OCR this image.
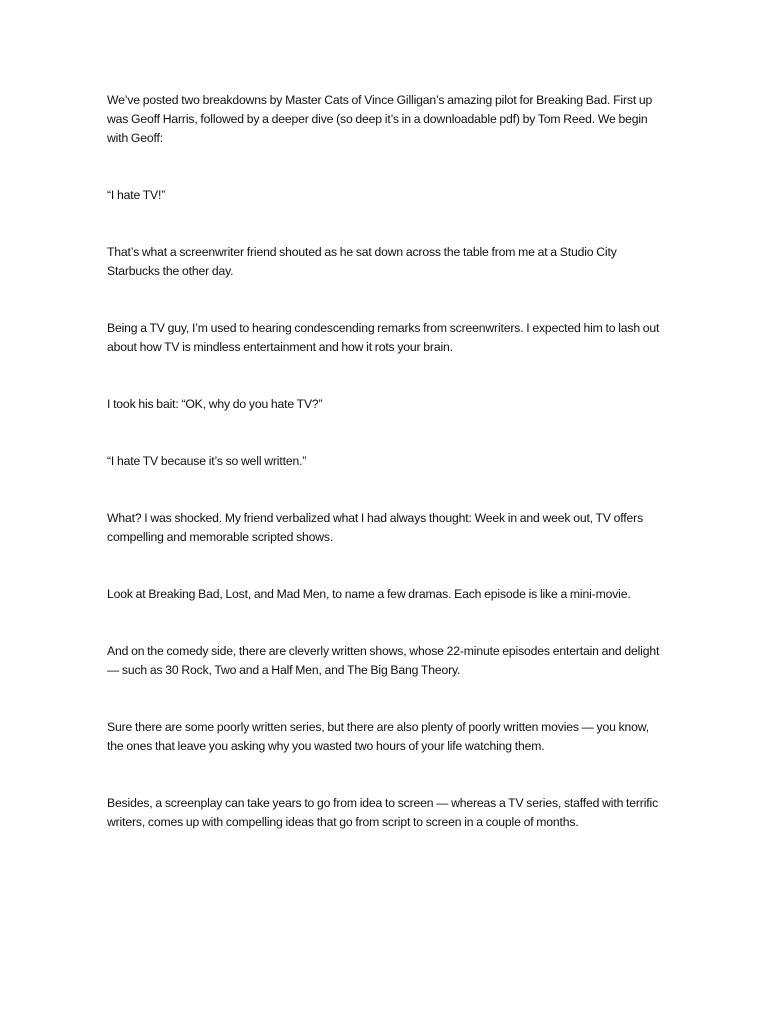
We’ve posted two breakdowns by Master Cats of Vince Gilligan’s amazing pilot for Breaking Bad. First up was Geoff Harris, followed by a deeper dive (so deep it’s in a downloadable pdf) by Tom Reed. We begin with Geoff:

“I hate TV!”

That’s what a screenwriter friend shouted as he sat down across the table from me at a Studio City Starbucks the other day.

Being a TV guy, I’m used to hearing condescending remarks from screenwriters. I expected him to lash out about how TV is mindless entertainment and how it rots your brain.

I took his bait: “OK, why do you hate TV?”

“I hate TV because it’s so well written.”

What? I was shocked. My friend verbalized what I had always thought: Week in and week out, TV offers compelling and memorable scripted shows.

Look at Breaking Bad, Lost, and Mad Men, to name a few dramas. Each episode is like a mini-movie.

And on the comedy side, there are cleverly written shows, whose 22-minute episodes entertain and delight — such as 30 Rock, Two and a Half Men, and The Big Bang Theory.

Sure there are some poorly written series, but there are also plenty of poorly written movies — you know, the ones that leave you asking why you wasted two hours of your life watching them.

Besides, a screenplay can take years to go from idea to screen — whereas a TV series, staffed with terrific writers, comes up with compelling ideas that go from script to screen in a couple of months.
